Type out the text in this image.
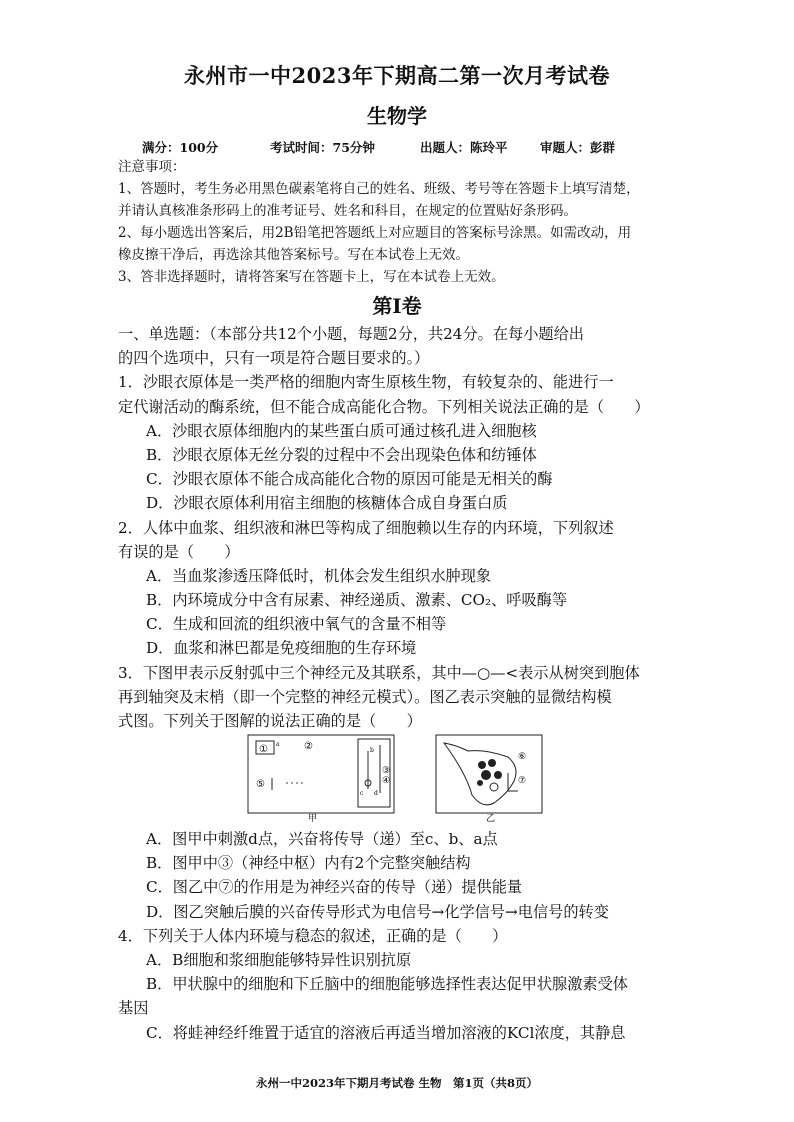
永州市一中2023年下期高二第一次月考试卷
生物学
满分：100分	考试时间：75分钟	出题人：陈玲平	审题人：彭群
注意事项：
1、答题时，考生务必用黑色碳素笔将自己的姓名、班级、考号等在答题卡上填写清楚，
并请认真核准条形码上的准考证号、姓名和科目，在规定的位置贴好条形码。
2、每小题选出答案后，用2B铅笔把答题纸上对应题目的答案标号涂黑。如需改动，用
橡皮擦干净后，再选涂其他答案标号。写在本试卷上无效。
3、答非选择题时，请将答案写在答题卡上，写在本试卷上无效。
第Ⅰ卷
一、单选题：（本部分共12个小题，每题2分，共24分。在每小题给出
的四个选项中，只有一项是符合题目要求的。）
1．沙眼衣原体是一类严格的细胞内寄生原核生物，有较复杂的、能进行一
定代谢活动的酶系统，但不能合成高能化合物。下列相关说法正确的是（　　）
A．沙眼衣原体细胞内的某些蛋白质可通过核孔进入细胞核
B．沙眼衣原体无丝分裂的过程中不会出现染色体和纺锤体
C．沙眼衣原体不能合成高能化合物的原因可能是无相关的酶
D．沙眼衣原体利用宿主细胞的核糖体合成自身蛋白质
2．人体中血浆、组织液和淋巴等构成了细胞赖以生存的内环境，下列叙述
有误的是（　　）
A．当血浆渗透压降低时，机体会发生组织水肿现象
B．内环境成分中含有尿素、神经递质、激素、CO₂、呼吸酶等
C．生成和回流的组织液中氧气的含量不相等
D．血浆和淋巴都是免疫细胞的生存环境
3．下图甲表示反射弧中三个神经元及其联系，其中—○—<表示从树突到胞体
再到轴突及末梢（即一个完整的神经元模式）。图乙表示突触的显微结构模
式图。下列关于图解的说法正确的是（　　）
① a ②
⑤
b
③
④
c d
甲
⑥
⑦
乙
A．图甲中刺激d点，兴奋将传导（递）至c、b、a点
B．图甲中③（神经中枢）内有2个完整突触结构
C．图乙中⑦的作用是为神经兴奋的传导（递）提供能量
D．图乙突触后膜的兴奋传导形式为电信号→化学信号→电信号的转变
4．下列关于人体内环境与稳态的叙述，正确的是（　　）
A．B细胞和浆细胞能够特异性识别抗原
B．甲状腺中的细胞和下丘脑中的细胞能够选择性表达促甲状腺激素受体
基因
C．将蛙神经纤维置于适宜的溶液后再适当增加溶液的KCl浓度，其静息
永州一中2023年下期月考试卷 生物　第1页（共8页）
